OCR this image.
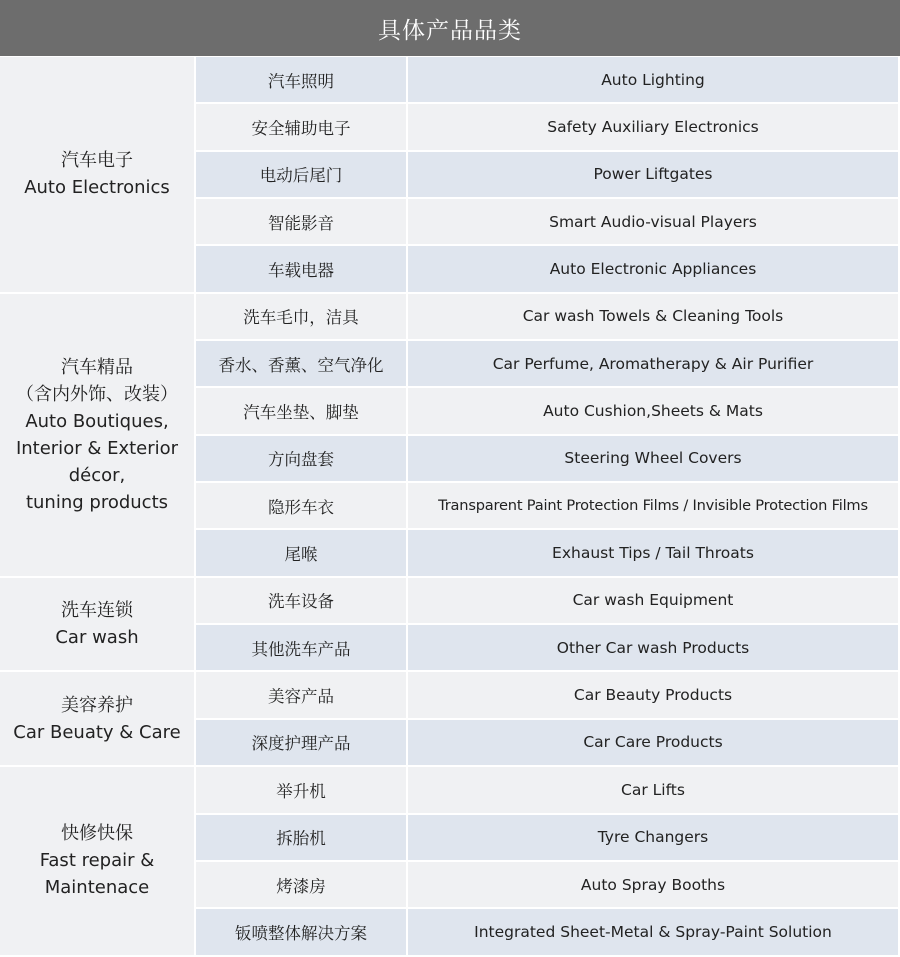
具体产品品类
汽车电子
Auto Electronics
汽车照明	Auto Lighting
安全辅助电子	Safety Auxiliary Electronics
电动后尾门	Power Liftgates
智能影音	Smart Audio-visual Players
车载电器	Auto Electronic Appliances
汽车精品
（含内外饰、改装）
Auto Boutiques,
Interior & Exterior
décor,
tuning products
洗车毛巾，洁具	Car wash Towels & Cleaning Tools
香水、香薰、空气净化	Car Perfume, Aromatherapy & Air Purifier
汽车坐垫、脚垫	Auto Cushion,Sheets & Mats
方向盘套	Steering Wheel Covers
隐形车衣	Transparent Paint Protection Films / Invisible Protection Films
尾喉	Exhaust Tips / Tail Throats
洗车连锁
Car wash
洗车设备	Car wash Equipment
其他洗车产品	Other Car wash Products
美容养护
Car Beuaty & Care
美容产品	Car Beauty Products
深度护理产品	Car Care Products
快修快保
Fast repair &
Maintenace
举升机	Car Lifts
拆胎机	Tyre Changers
烤漆房	Auto Spray Booths
钣喷整体解决方案	Integrated Sheet-Metal & Spray-Paint Solution
